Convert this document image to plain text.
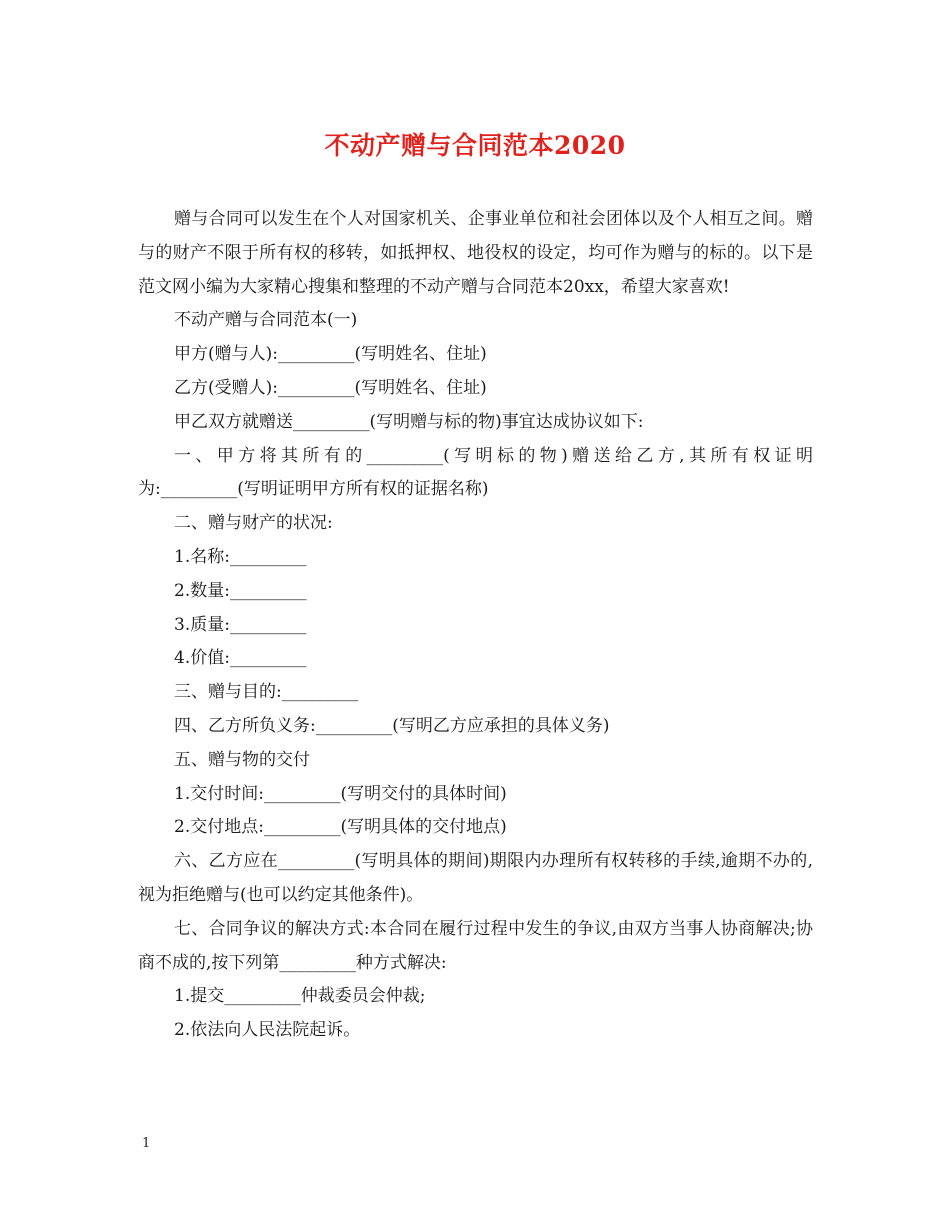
不动产赠与合同范本2020

赠与合同可以发生在个人对国家机关、企事业单位和社会团体以及个人相互之间。赠与的财产不限于所有权的移转，如抵押权、地役权的设定，均可作为赠与的标的。以下是范文网小编为大家精心搜集和整理的不动产赠与合同范本20xx，希望大家喜欢!

不动产赠与合同范本(一)

甲方(赠与人):_________(写明姓名、住址)

乙方(受赠人):_________(写明姓名、住址)

甲乙双方就赠送_________(写明赠与标的物)事宜达成协议如下:

一、甲方将其所有的_________(写明标的物)赠送给乙方,其所有权证明为:_________(写明证明甲方所有权的证据名称)

二、赠与财产的状况:

1.名称:_________

2.数量:_________

3.质量:_________

4.价值:_________

三、赠与目的:_________

四、乙方所负义务:_________(写明乙方应承担的具体义务)

五、赠与物的交付

1.交付时间:_________(写明交付的具体时间)

2.交付地点:_________(写明具体的交付地点)

六、乙方应在_________(写明具体的期间)期限内办理所有权转移的手续,逾期不办的,视为拒绝赠与(也可以约定其他条件)。

七、合同争议的解决方式:本合同在履行过程中发生的争议,由双方当事人协商解决;协商不成的,按下列第_________种方式解决:

1.提交_________仲裁委员会仲裁;

2.依法向人民法院起诉。

1
